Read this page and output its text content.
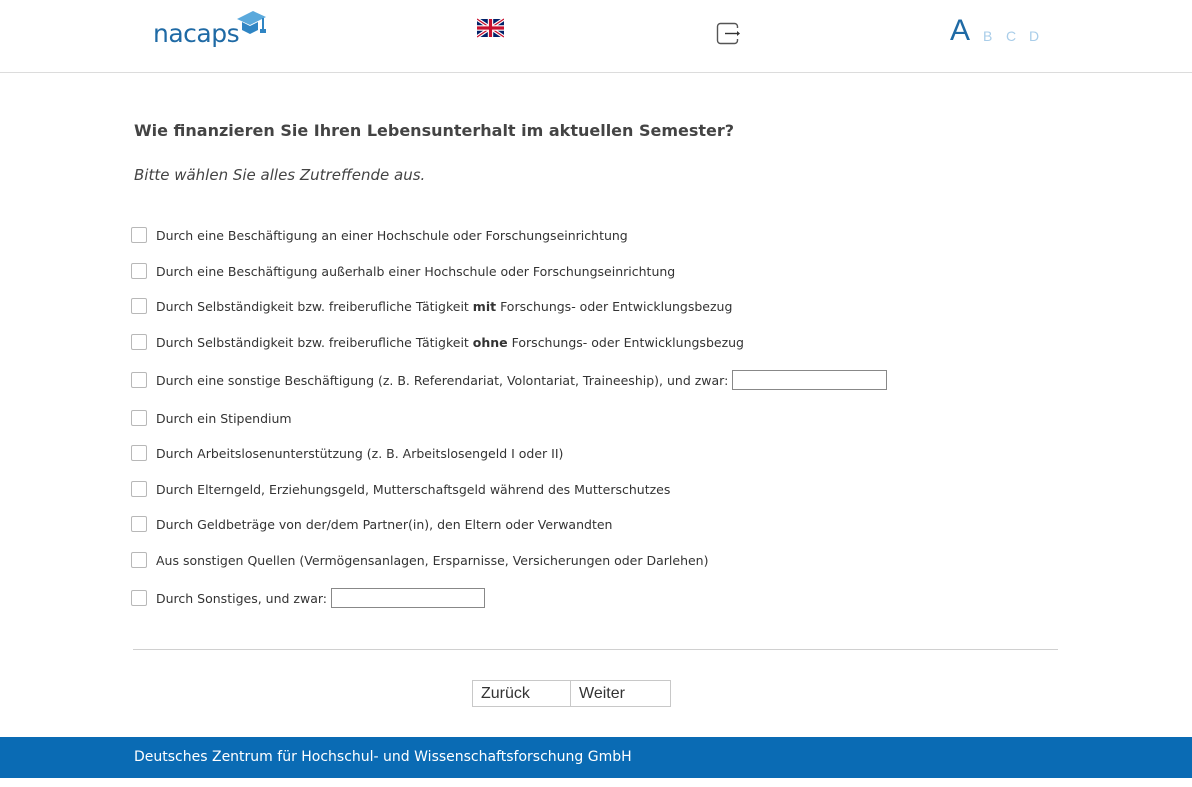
nacaps	A B C D
Wie finanzieren Sie Ihren Lebensunterhalt im aktuellen Semester?
Bitte wählen Sie alles Zutreffende aus.
Durch eine Beschäftigung an einer Hochschule oder Forschungseinrichtung
Durch eine Beschäftigung außerhalb einer Hochschule oder Forschungseinrichtung
Durch Selbständigkeit bzw. freiberufliche Tätigkeit mit Forschungs- oder Entwicklungsbezug
Durch Selbständigkeit bzw. freiberufliche Tätigkeit ohne Forschungs- oder Entwicklungsbezug
Durch eine sonstige Beschäftigung (z. B. Referendariat, Volontariat, Traineeship), und zwar:
Durch ein Stipendium
Durch Arbeitslosenunterstützung (z. B. Arbeitslosengeld I oder II)
Durch Elterngeld, Erziehungsgeld, Mutterschaftsgeld während des Mutterschutzes
Durch Geldbeträge von der/dem Partner(in), den Eltern oder Verwandten
Aus sonstigen Quellen (Vermögensanlagen, Ersparnisse, Versicherungen oder Darlehen)
Durch Sonstiges, und zwar:
Zurück	Weiter
Deutsches Zentrum für Hochschul- und Wissenschaftsforschung GmbH
